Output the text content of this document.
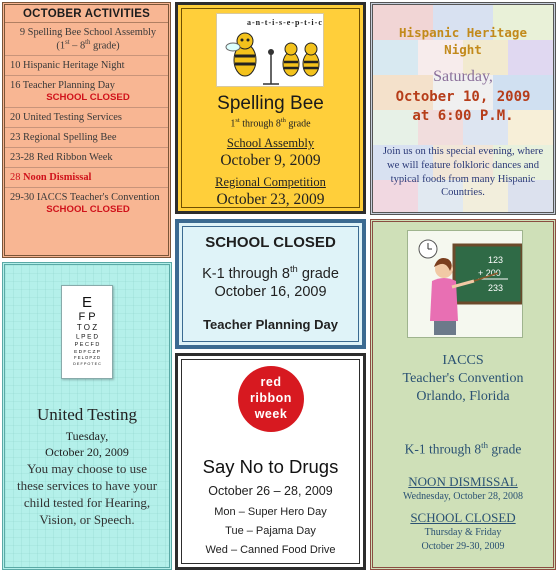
OCTOBER ACTIVITIES
9 Spelling Bee School Assembly
(1st – 8th grade)
10 Hispanic Heritage Night
16 Teacher Planning Day
SCHOOL CLOSED
20 United Testing Services
23 Regional Spelling Bee
23-28 Red Ribbon Week
28 Noon Dismissal
29-30 IACCS Teacher's Convention
SCHOOL CLOSED
a-n-t-i-s-e-p-t-i-c
Spelling Bee
1st through 8th grade
School Assembly
October 9, 2009
Regional Competition
October 23, 2009
Hispanic Heritage
Night
Saturday,
October 10, 2009
at 6:00 P.M.
Join us on this special evening, where we will feature folkloric dances and typical foods from many Hispanic Countries.
E
F P
T O Z
L P E D
P E C F D
E D F C Z P
F E L O P Z D
D E F P O T E C
United Testing
Tuesday,
October 20, 2009
You may choose to use these services to have your child tested for Hearing, Vision, or Speech.
SCHOOL CLOSED
K-1 through 8th grade
October 16, 2009
Teacher Planning Day
red
ribbon
week
Say No to Drugs
October 26 – 28, 2009
Mon – Super Hero Day
Tue – Pajama Day
Wed – Canned Food Drive
123
+ 200
233
IACCS
Teacher's Convention
Orlando, Florida
K-1 through 8th grade
NOON DISMISSAL
Wednesday, October 28, 2008
SCHOOL CLOSED
Thursday & Friday
October 29-30, 2009
